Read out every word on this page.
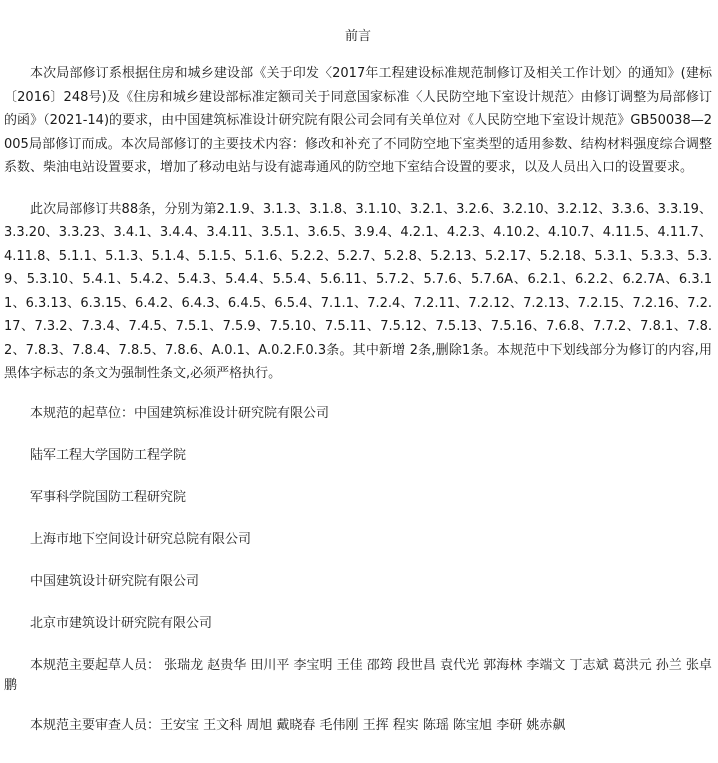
前言

本次局部修订系根据住房和城乡建设部《关于印发〈2017年工程建设标准规范制修订及相关工作计划〉的通知》(建标〔2016〕248号)及《住房和城乡建设部标准定额司关于同意国家标准〈人民防空地下室设计规范〉由修订调整为局部修订的函》（2021-14)的要求，由中国建筑标准设计研究院有限公司会同有关单位对《人民防空地下室设计规范》GB50038—2005局部修订而成。本次局部修订的主要技术内容：修改和补充了不同防空地下室类型的适用参数、结构材料强度综合调整系数、柴油电站设置要求，增加了移动电站与设有滤毒通风的防空地下室结合设置的要求，以及人员出入口的设置要求。

此次局部修订共88条，分别为第2.1.9、3.1.3、3.1.8、3.1.10、3.2.1、3.2.6、3.2.10、3.2.12、3.3.6、3.3.19、3.3.20、3.3.23、3.4.1、3.4.4、3.4.11、3.5.1、3.6.5、3.9.4、4.2.1、4.2.3、4.10.2、4.10.7、4.11.5、4.11.7、4.11.8、5.1.1、5.1.3、5.1.4、5.1.5、5.1.6、5.2.2、5.2.7、5.2.8、5.2.13、5.2.17、5.2.18、5.3.1、5.3.3、5.3.9、5.3.10、5.4.1、5.4.2、5.4.3、5.4.4、5.5.4、5.6.11、5.7.2、5.7.6、5.7.6A、6.2.1、6.2.2、6.2.7A、6.3.11、6.3.13、6.3.15、6.4.2、6.4.3、6.4.5、6.5.4、7.1.1、7.2.4、7.2.11、7.2.12、7.2.13、7.2.15、7.2.16、7.2.17、7.3.2、7.3.4、7.4.5、7.5.1、7.5.9、7.5.10、7.5.11、7.5.12、7.5.13、7.5.16、7.6.8、7.7.2、7.8.1、7.8.2、7.8.3、7.8.4、7.8.5、7.8.6、A.0.1、A.0.2.F.0.3条。其中新增 2条,删除1条。本规范中下划线部分为修订的内容,用黑体字标志的条文为强制性条文,必须严格执行。

本规范的起草位：中国建筑标准设计研究院有限公司

陆军工程大学国防工程学院

军事科学院国防工程研究院

上海市地下空间设计研究总院有限公司

中国建筑设计研究院有限公司

北京市建筑设计研究院有限公司

本规范主要起草人员： 张瑞龙 赵贵华 田川平 李宝明 王佳 邵筠 段世昌 袁代光 郭海林 李端文 丁志斌 葛洪元 孙兰 张卓鹏

本规范主要审查人员：王安宝 王文科 周旭 戴晓春 毛伟刚 王挥 程实 陈瑶 陈宝旭 李研 姚赤飙
